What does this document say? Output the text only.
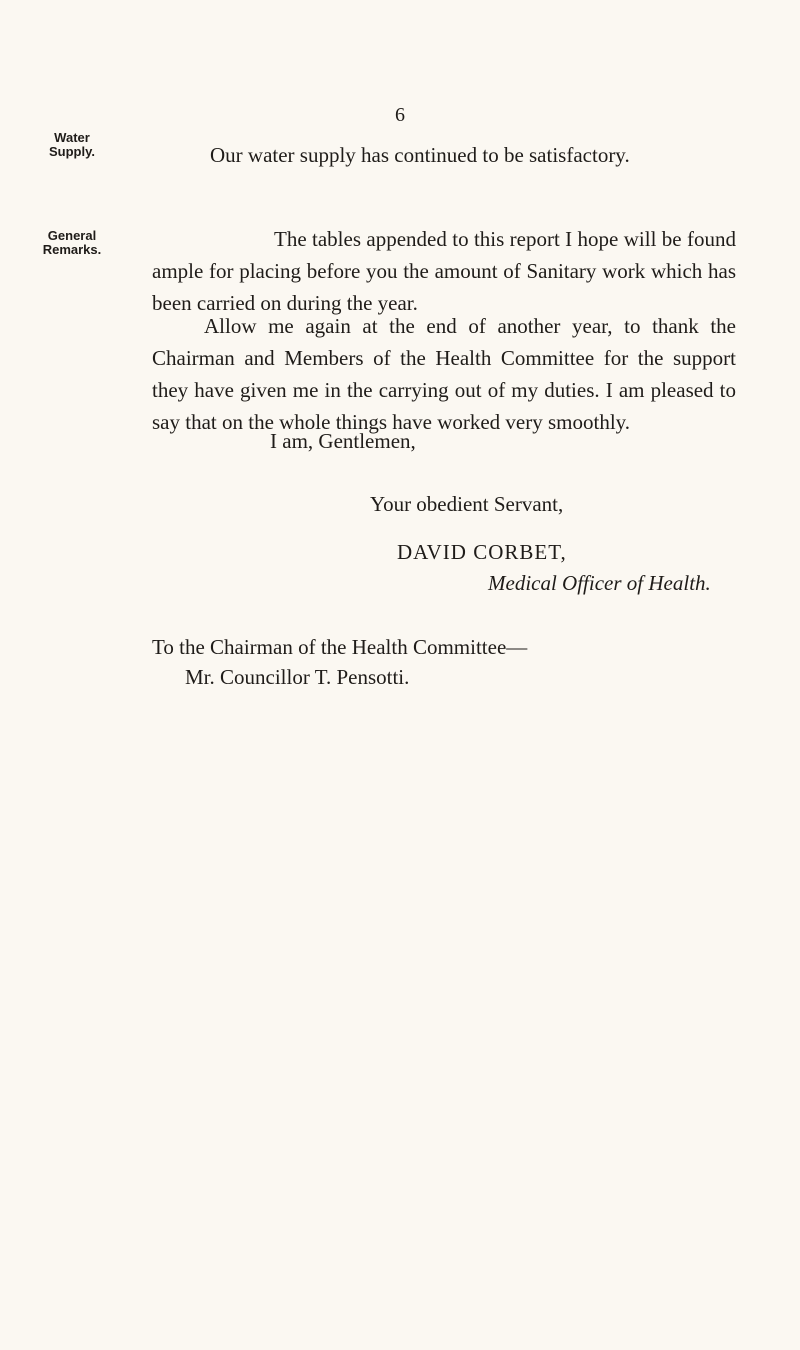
6
Water
Supply.
General
Remarks.

Our water supply has continued to be satisfactory.

The tables appended to this report I hope will be found ample for placing before you the amount of Sanitary work which has been carried on during the year.

Allow me again at the end of another year, to thank the Chairman and Members of the Health Committee for the support they have given me in the carrying out of my duties. I am pleased to say that on the whole things have worked very smoothly.

I am, Gentlemen,
Your obedient Servant,
DAVID CORBET,
Medical Officer of Health.
To the Chairman of the Health Committee—
Mr. Councillor T. Pensotti.
